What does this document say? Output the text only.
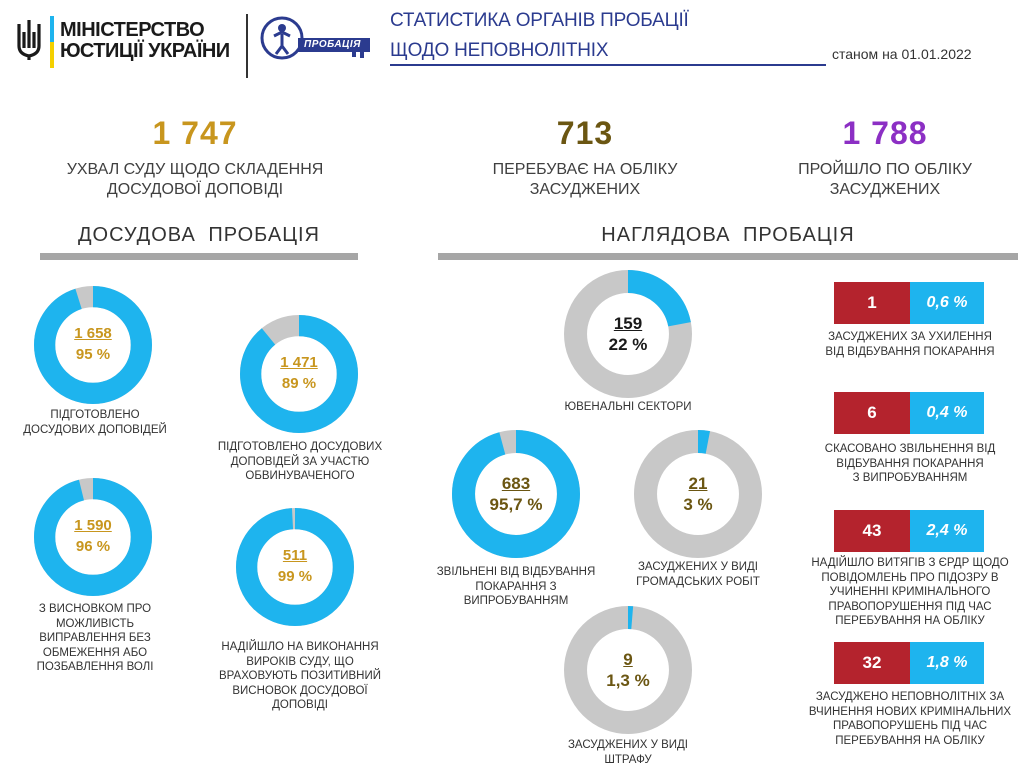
МІНІСТЕРСТВО
ЮСТИЦІЇ УКРАЇНИ	ПРОБАЦІЯ
СТАТИСТИКА ОРГАНІВ ПРОБАЦІЇ
ЩОДО НЕПОВНОЛІТНІХ	станом на 01.01.2022
1 747
УХВАЛ СУДУ ЩОДО СКЛАДЕННЯ
ДОСУДОВОЇ ДОПОВІДІ
713
ПЕРЕБУВАЄ НА ОБЛІКУ
ЗАСУДЖЕНИХ
1 788
ПРОЙШЛО ПО ОБЛІКУ
ЗАСУДЖЕНИХ
ДОСУДОВА ПРОБАЦІЯ	НАГЛЯДОВА ПРОБАЦІЯ
1 658
95 %
ПІДГОТОВЛЕНО
ДОСУДОВИХ ДОПОВІДЕЙ
1 471
89 %
ПІДГОТОВЛЕНО ДОСУДОВИХ
ДОПОВІДЕЙ ЗА УЧАСТЮ
ОБВИНУВАЧЕНОГО
1 590
96 %
З ВИСНОВКОМ ПРО
МОЖЛИВІСТЬ
ВИПРАВЛЕННЯ БЕЗ
ОБМЕЖЕННЯ АБО
ПОЗБАВЛЕННЯ ВОЛІ
511
99 %
НАДІЙШЛО НА ВИКОНАННЯ
ВИРОКІВ СУДУ, ЩО
ВРАХОВУЮТЬ ПОЗИТИВНИЙ
ВИСНОВОК ДОСУДОВОЇ
ДОПОВІДІ
159
22 %
ЮВЕНАЛЬНІ СЕКТОРИ
683
95,7 %
ЗВІЛЬНЕНІ ВІД ВІДБУВАННЯ
ПОКАРАННЯ З
ВИПРОБУВАННЯМ
21
3 %
ЗАСУДЖЕНИХ У ВИДІ
ГРОМАДСЬКИХ РОБІТ
9
1,3 %
ЗАСУДЖЕНИХ У ВИДІ
ШТРАФУ
1	0,6 %
ЗАСУДЖЕНИХ ЗА УХИЛЕННЯ
ВІД ВІДБУВАННЯ ПОКАРАННЯ
6	0,4 %
СКАСОВАНО ЗВІЛЬНЕННЯ ВІД
ВІДБУВАННЯ ПОКАРАННЯ
З ВИПРОБУВАННЯМ
43	2,4 %
НАДІЙШЛО ВИТЯГІВ З ЄРДР ЩОДО
ПОВІДОМЛЕНЬ ПРО ПІДОЗРУ В
УЧИНЕННІ КРИМІНАЛЬНОГО
ПРАВОПОРУШЕННЯ ПІД ЧАС
ПЕРЕБУВАННЯ НА ОБЛІКУ
32	1,8 %
ЗАСУДЖЕНО НЕПОВНОЛІТНІХ ЗА
ВЧИНЕННЯ НОВИХ КРИМІНАЛЬНИХ
ПРАВОПОРУШЕНЬ ПІД ЧАС
ПЕРЕБУВАННЯ НА ОБЛІКУ
